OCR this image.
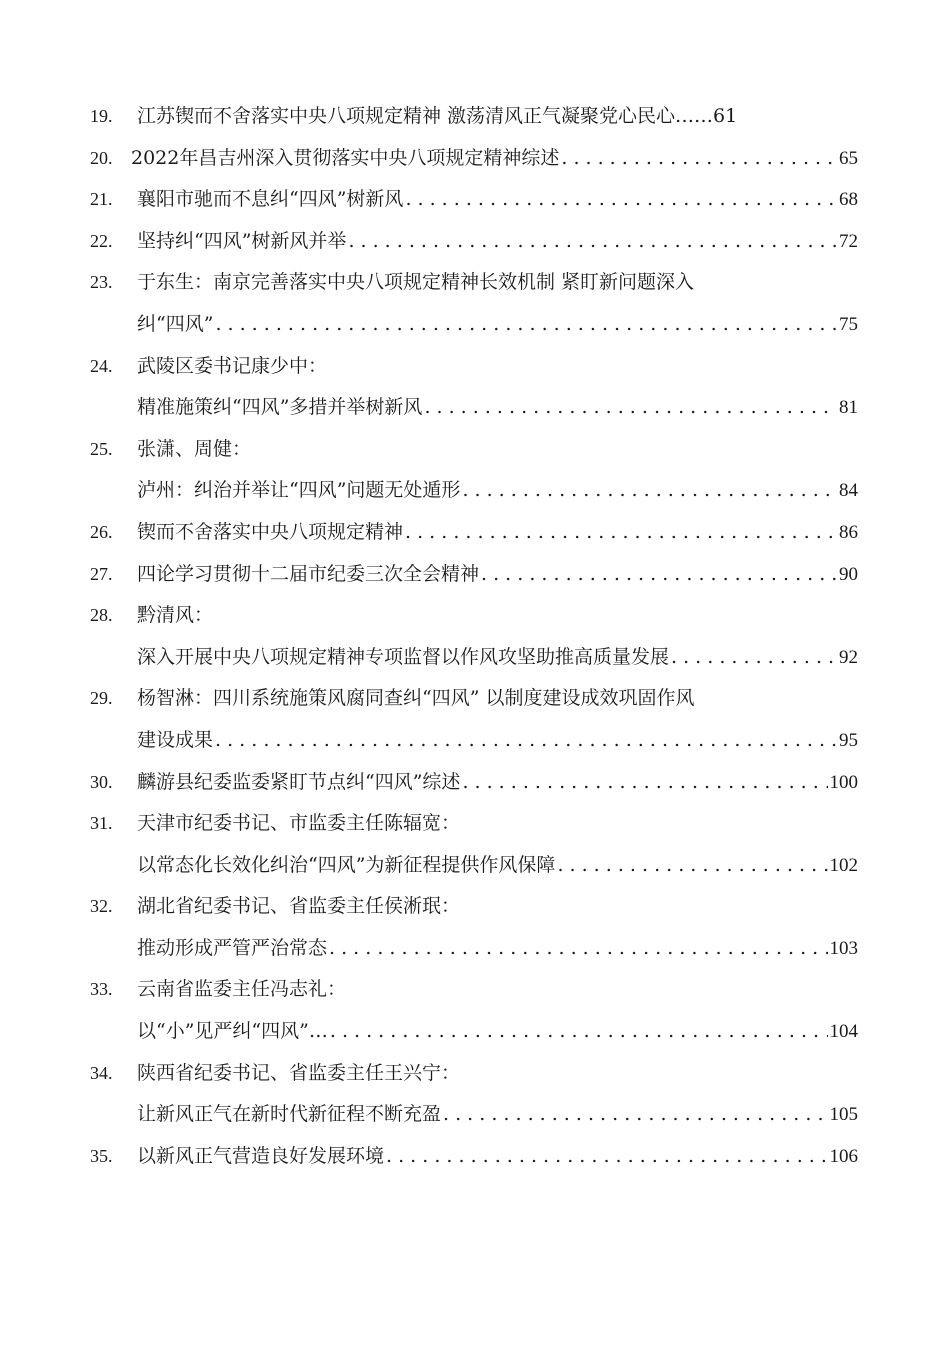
19. 江苏锲而不舍落实中央八项规定精神 激荡清风正气凝聚党心民心……61
20. 2022年昌吉州深入贯彻落实中央八项规定精神综述 . . .	65
21. 襄阳市驰而不息纠“四风”树新风 . . .	68
22. 坚持纠“四风”树新风并举 . . .	72
23. 于东生：南京完善落实中央八项规定精神长效机制 紧盯新问题深入
纠“四风” . . .	75
24. 武陵区委书记康少中：
精准施策纠“四风”多措并举树新风 . . .	81
25. 张潇、周健：
泸州：纠治并举让“四风”问题无处遁形 . . .	84
26. 锲而不舍落实中央八项规定精神 . . .	86
27. 四论学习贯彻十二届市纪委三次全会精神 . . .	90
28. 黔清风：
深入开展中央八项规定精神专项监督以作风攻坚助推高质量发展 . . .	92
29. 杨智淋：四川系统施策风腐同查纠“四风” 以制度建设成效巩固作风
建设成果 . . .	95
30. 麟游县纪委监委紧盯节点纠“四风”综述 . . .	100
31. 天津市纪委书记、市监委主任陈辐宽：
以常态化长效化纠治“四风”为新征程提供作风保障 . . .	102
32. 湖北省纪委书记、省监委主任侯淅珉：
推动形成严管严治常态 . . .	103
33. 云南省监委主任冯志礼：
以“小”见严纠“四风”… . . .	104
34. 陕西省纪委书记、省监委主任王兴宁：
让新风正气在新时代新征程不断充盈 . . .	105
35. 以新风正气营造良好发展环境 . . .	106
